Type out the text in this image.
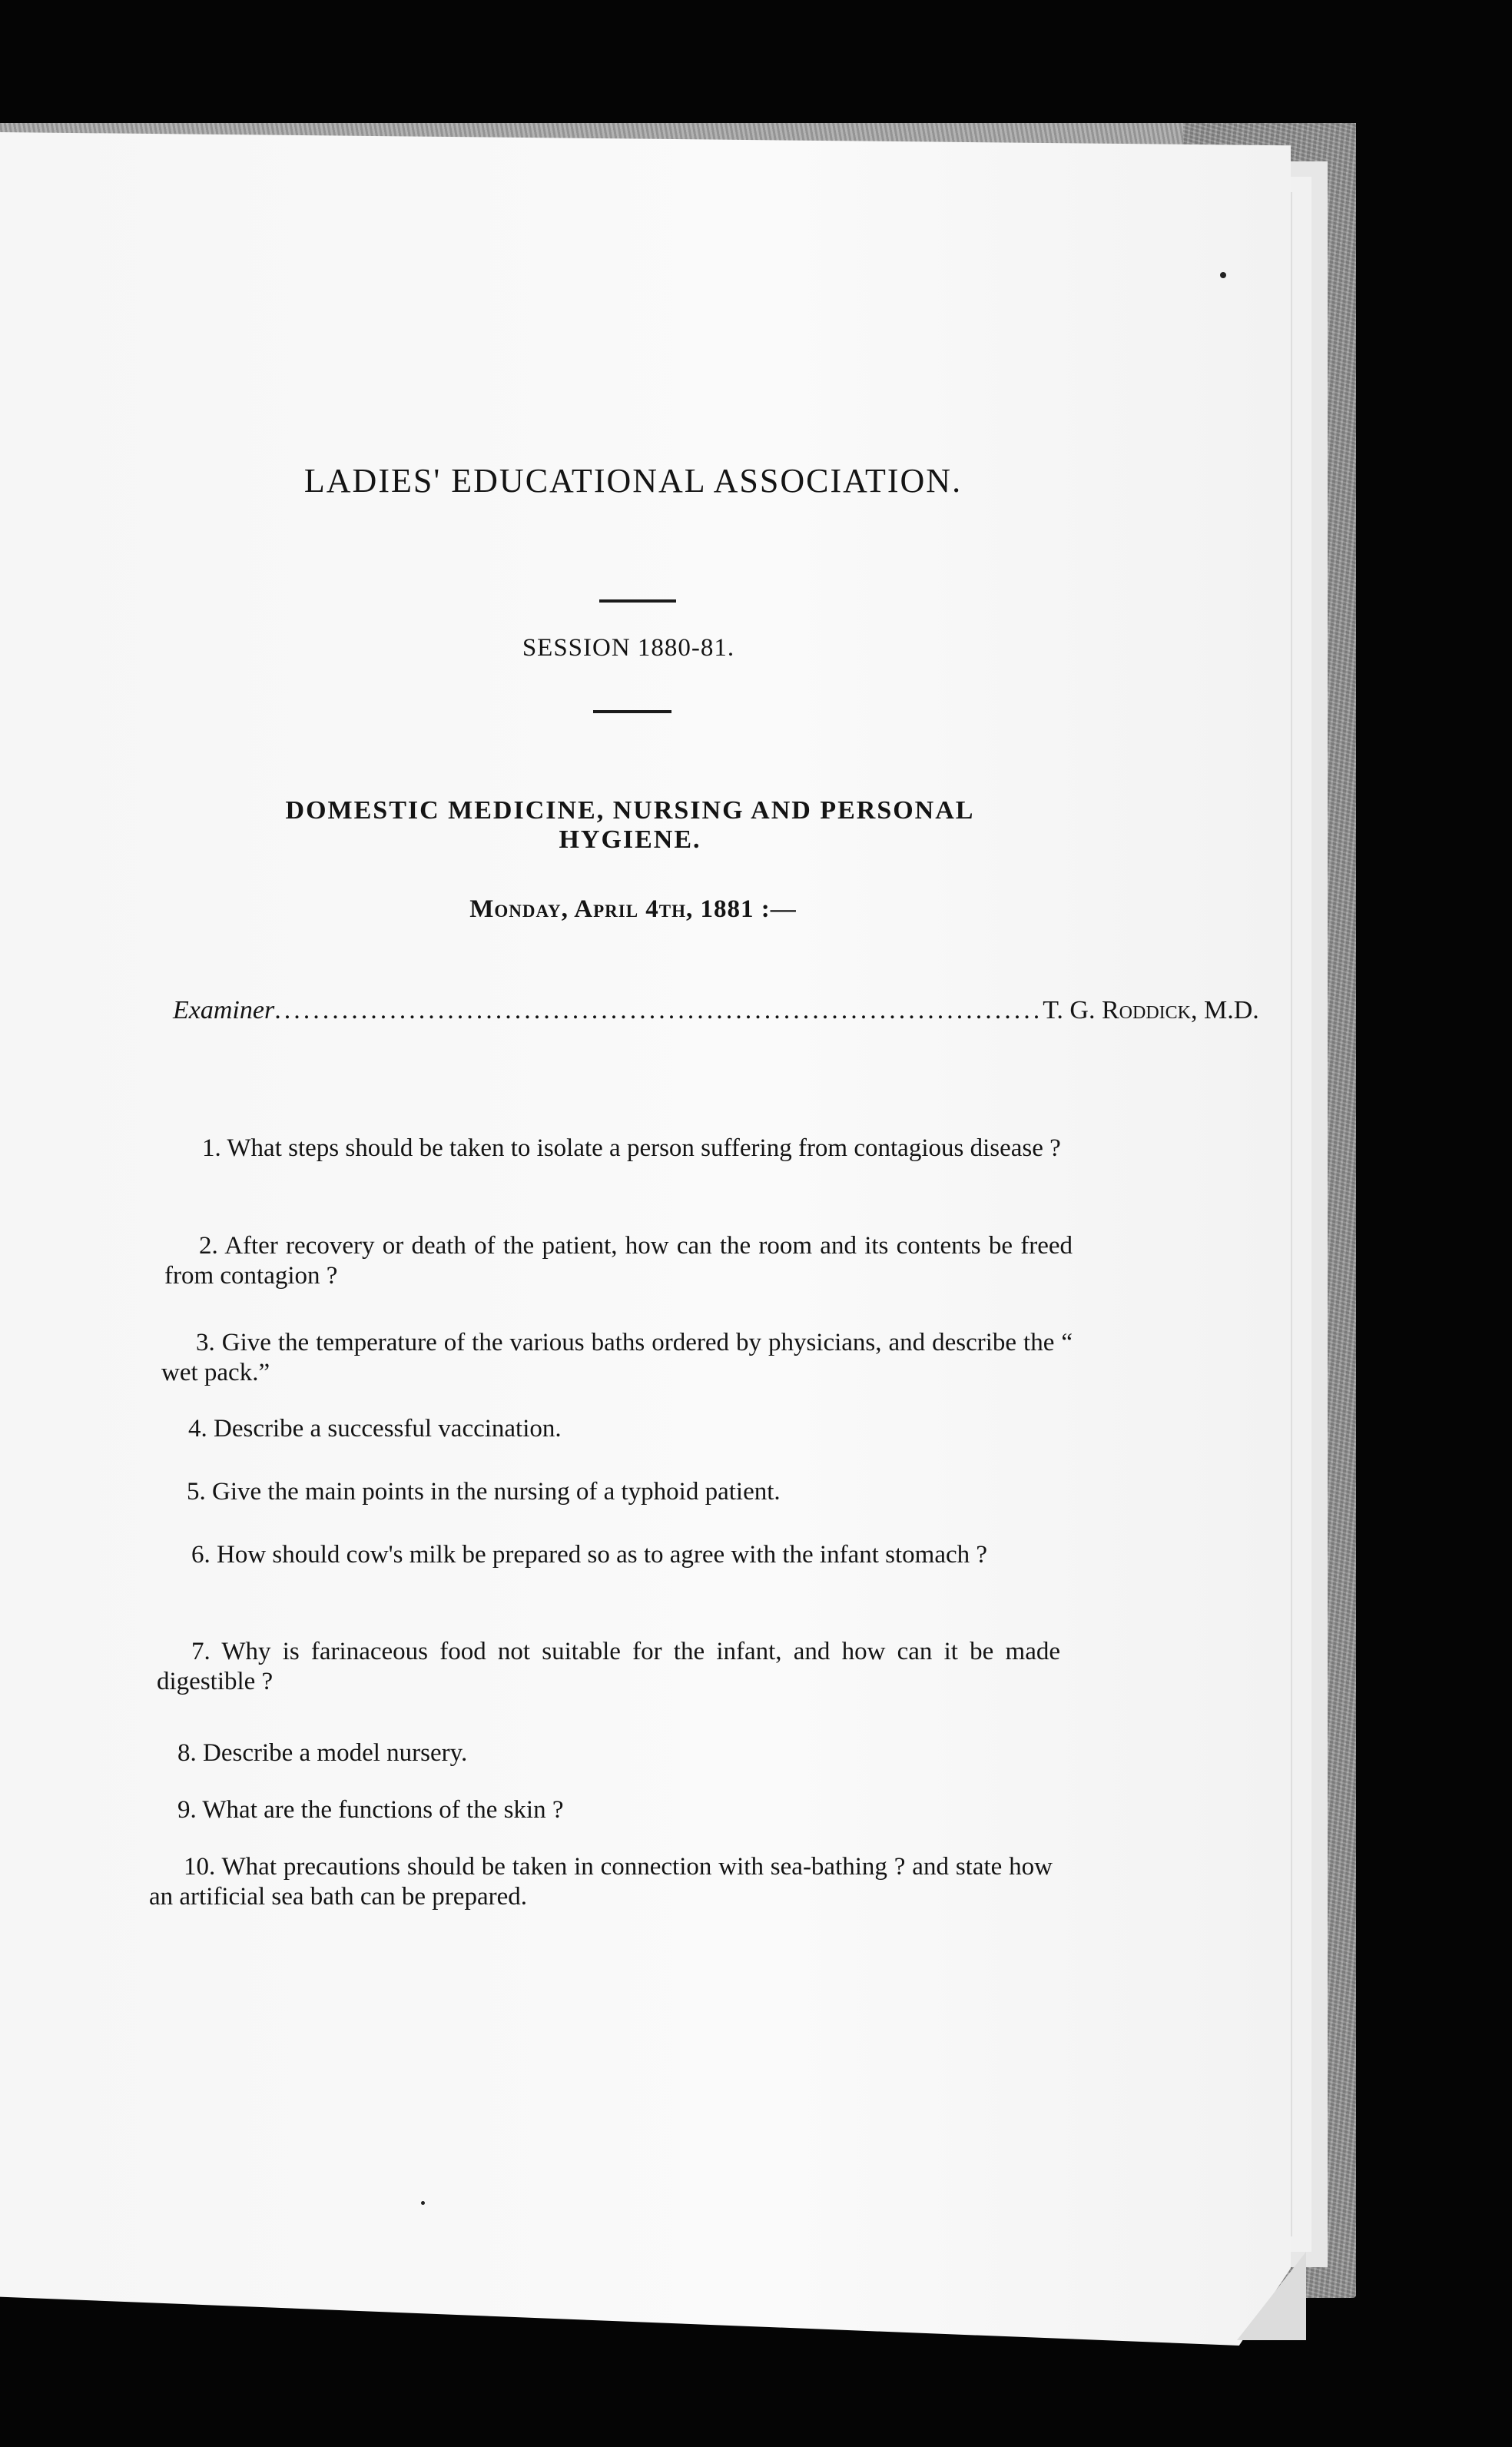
LADIES' EDUCATIONAL ASSOCIATION.
SESSION 1880-81.
DOMESTIC MEDICINE, NURSING AND PERSONAL HYGIENE.
Monday, April 4th, 1881 :—
Examiner ................................................................................ T. G. Roddick, M.D.
1. What steps should be taken to isolate a person suffering from contagious disease ?
2. After recovery or death of the patient, how can the room and its contents be freed from contagion ?
3. Give the temperature of the various baths ordered by physicians, and describe the “ wet pack.”
4. Describe a successful vaccination.
5. Give the main points in the nursing of a typhoid patient.
6. How should cow's milk be prepared so as to agree with the infant stomach ?
7. Why is farinaceous food not suitable for the infant, and how can it be made digestible ?
8. Describe a model nursery.
9. What are the functions of the skin ?
10. What precautions should be taken in connection with sea-bathing ? and state how an artificial sea bath can be prepared.
